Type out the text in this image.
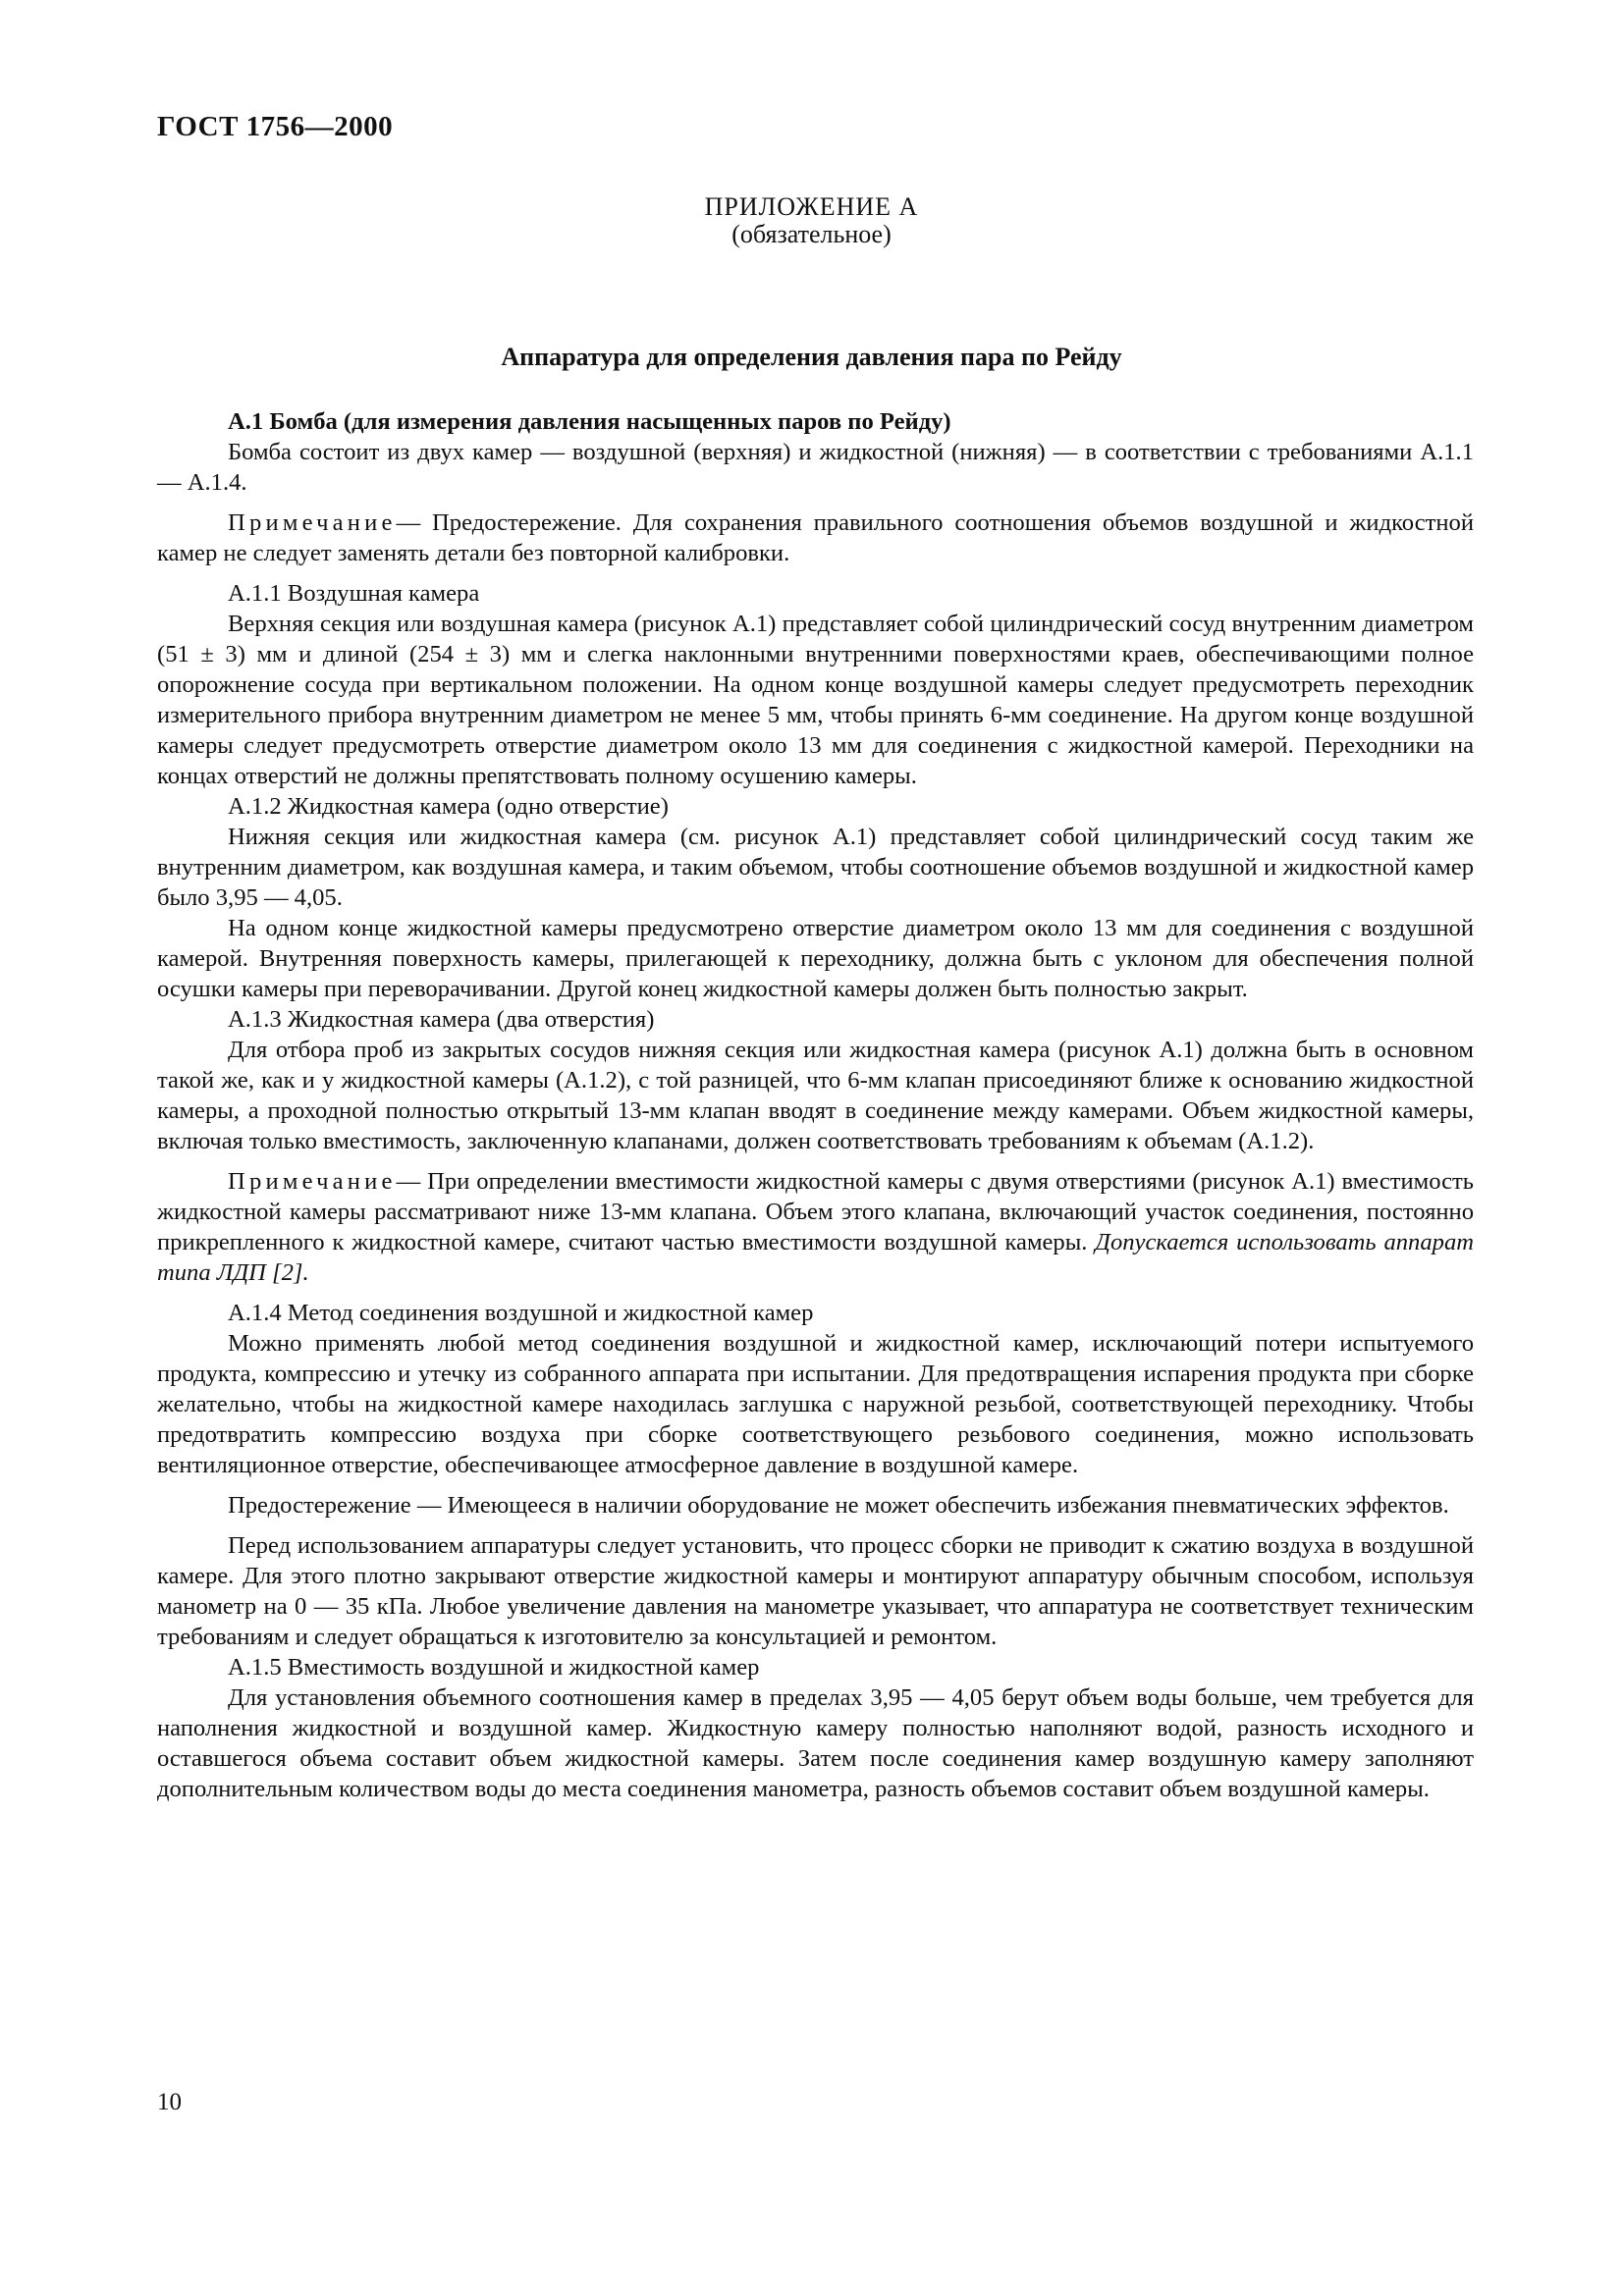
ГОСТ 1756—2000
ПРИЛОЖЕНИЕ А
(обязательное)
Аппаратура для определения давления пара по Рейду

А.1 Бомба (для измерения давления насыщенных паров по Рейду)

Бомба состоит из двух камер — воздушной (верхняя) и жидкостной (нижняя) — в соответствии с требованиями А.1.1 — А.1.4.

Примечание— Предостережение. Для сохранения правильного соотношения объемов воздушной и жидкостной камер не следует заменять детали без повторной калибровки.

А.1.1 Воздушная камера

Верхняя секция или воздушная камера (рисунок А.1) представляет собой цилиндрический сосуд внутренним диаметром (51 ± 3) мм и длиной (254 ± 3) мм и слегка наклонными внутренними поверхностями краев, обеспечивающими полное опорожнение сосуда при вертикальном положении. На одном конце воздушной камеры следует предусмотреть переходник измерительного прибора внутренним диаметром не менее 5 мм, чтобы принять 6-мм соединение. На другом конце воздушной камеры следует предусмотреть отверстие диаметром около 13 мм для соединения с жидкостной камерой. Переходники на концах отверстий не должны препятствовать полному осушению камеры.

А.1.2 Жидкостная камера (одно отверстие)

Нижняя секция или жидкостная камера (см. рисунок А.1) представляет собой цилиндрический сосуд таким же внутренним диаметром, как воздушная камера, и таким объемом, чтобы соотношение объемов воздушной и жидкостной камер было 3,95 — 4,05.

На одном конце жидкостной камеры предусмотрено отверстие диаметром около 13 мм для соединения с воздушной камерой. Внутренняя поверхность камеры, прилегающей к переходнику, должна быть с уклоном для обеспечения полной осушки камеры при переворачивании. Другой конец жидкостной камеры должен быть полностью закрыт.

А.1.3 Жидкостная камера (два отверстия)

Для отбора проб из закрытых сосудов нижняя секция или жидкостная камера (рисунок А.1) должна быть в основном такой же, как и у жидкостной камеры (А.1.2), с той разницей, что 6-мм клапан присоединяют ближе к основанию жидкостной камеры, а проходной полностью открытый 13-мм клапан вводят в соединение между камерами. Объем жидкостной камеры, включая только вместимость, заключенную клапанами, должен соответствовать требованиям к объемам (А.1.2).

Примечание— При определении вместимости жидкостной камеры с двумя отверстиями (рисунок А.1) вместимость жидкостной камеры рассматривают ниже 13-мм клапана. Объем этого клапана, включающий участок соединения, постоянно прикрепленного к жидкостной камере, считают частью вместимости воздушной камеры. Допускается использовать аппарат типа ЛДП [2].

А.1.4 Метод соединения воздушной и жидкостной камер

Можно применять любой метод соединения воздушной и жидкостной камер, исключающий потери испытуемого продукта, компрессию и утечку из собранного аппарата при испытании. Для предотвращения испарения продукта при сборке желательно, чтобы на жидкостной камере находилась заглушка с наружной резьбой, соответствующей переходнику. Чтобы предотвратить компрессию воздуха при сборке соответствующего резьбового соединения, можно использовать вентиляционное отверстие, обеспечивающее атмосферное давление в воздушной камере.

Предостережение — Имеющееся в наличии оборудование не может обеспечить избежания пневматических эффектов.

Перед использованием аппаратуры следует установить, что процесс сборки не приводит к сжатию воздуха в воздушной камере. Для этого плотно закрывают отверстие жидкостной камеры и монтируют аппаратуру обычным способом, используя манометр на 0 — 35 кПа. Любое увеличение давления на манометре указывает, что аппаратура не соответствует техническим требованиям и следует обращаться к изготовителю за консультацией и ремонтом.

А.1.5 Вместимость воздушной и жидкостной камер

Для установления объемного соотношения камер в пределах 3,95 — 4,05 берут объем воды больше, чем требуется для наполнения жидкостной и воздушной камер. Жидкостную камеру полностью наполняют водой, разность исходного и оставшегося объема составит объем жидкостной камеры. Затем после соединения камер воздушную камеру заполняют дополнительным количеством воды до места соединения манометра, разность объемов составит объем воздушной камеры.

10
